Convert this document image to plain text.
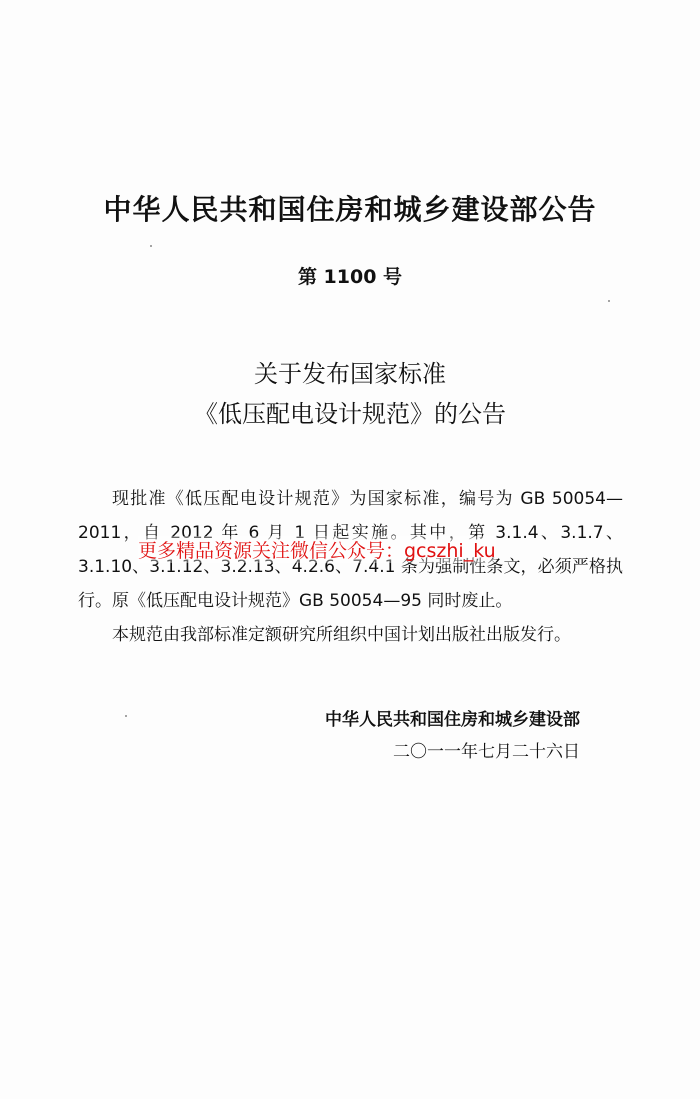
中华人民共和国住房和城乡建设部公告
第 1100 号
关于发布国家标准
《低压配电设计规范》的公告

现批准《低压配电设计规范》为国家标准，编号为 GB 50054—2011，自 2012 年 6 月 1 日起实施。其中，第 3.1.4、3.1.7、3.1.10、3.1.12、3.2.13、4.2.6、7.4.1 条为强制性条文，必须严格执行。原《低压配电设计规范》GB 50054—95 同时废止。

本规范由我部标准定额研究所组织中国计划出版社出版发行。

更多精品资源关注微信公众号：gcszhi_ku
中华人民共和国住房和城乡建设部
二〇一一年七月二十六日
